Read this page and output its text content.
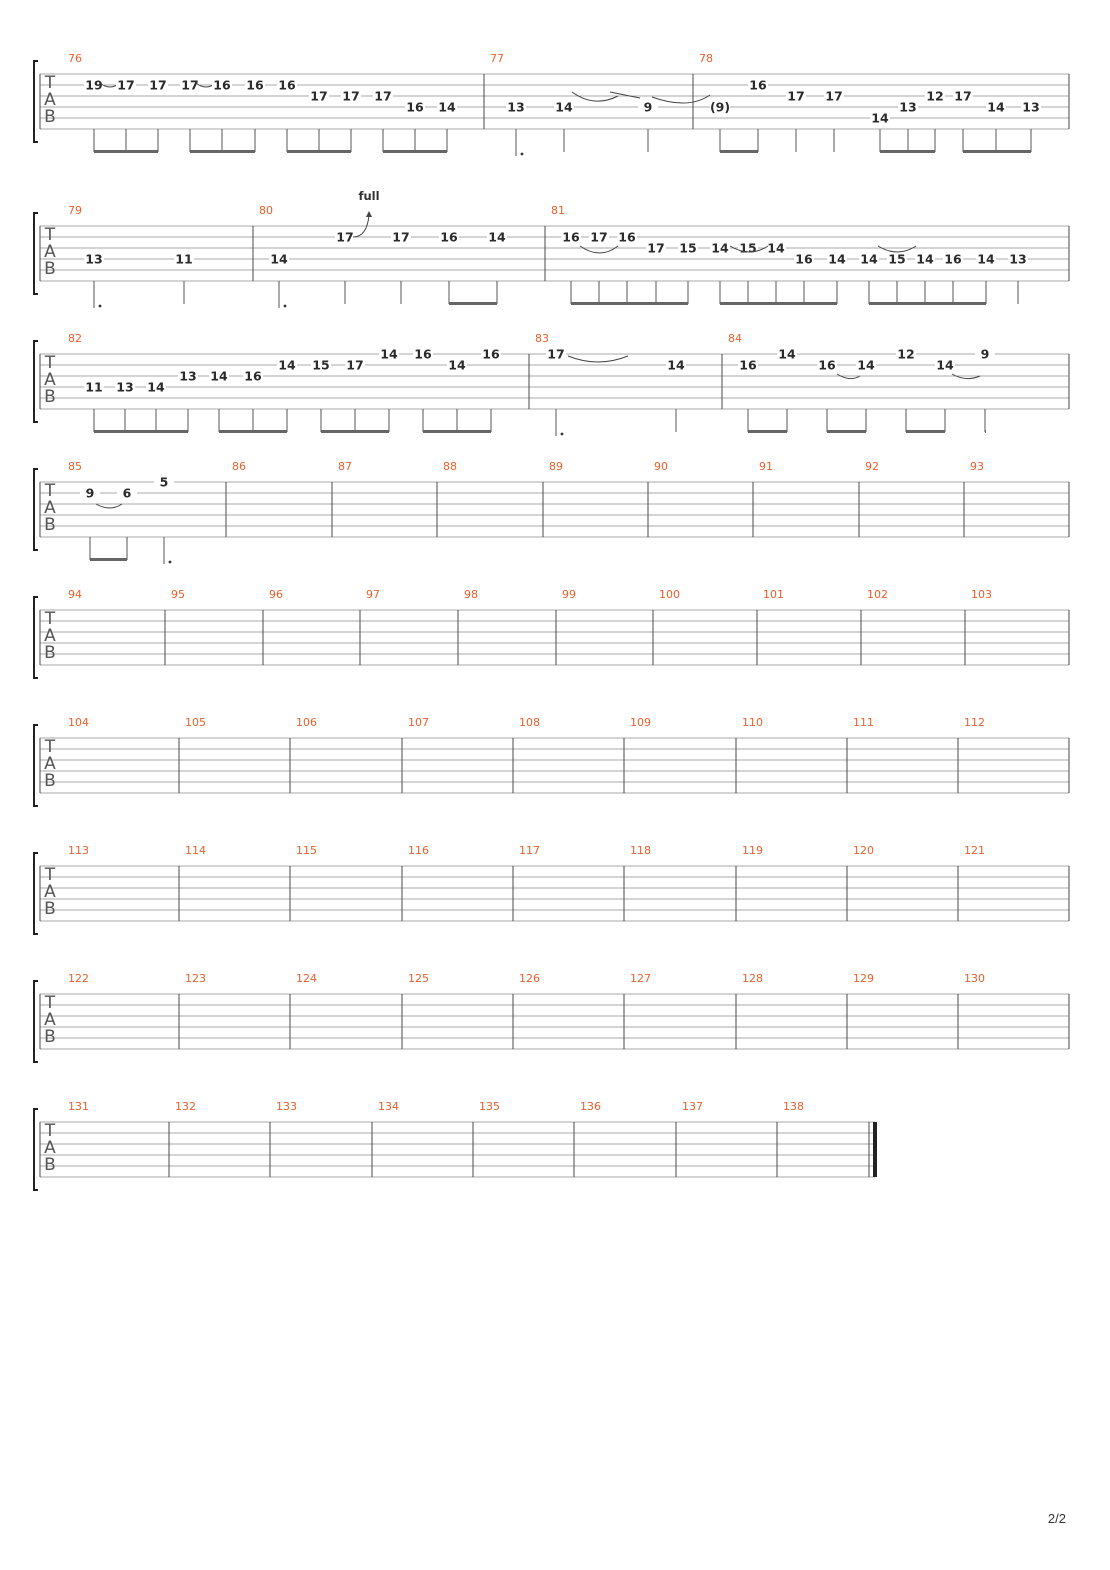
T
A
B
76	77	78
19 17 17 17 16 16 16
17 17 17
16 14	13 14	9	(9)
16
17 17
14
13
12 17
14 13
T
A
B
79	80	81
13	11	14
17
full
17 16 14	16 17 16
17 15 14 15 14
16 14 14 15 14 16 14 13
T
A
B
82	83	84
11 13 14
13 14 16
14 15 17
14 16
14
16	17
14	16
14
16 14
12
14
9
T
A
B
85	86	87	88	89	90	91	92	93
9 6
5
T
A
B
94	95	96	97	98	99	100	101	102	103
T
A
B
104	105	106	107	108	109	110	111	112
T
A
B
113	114	115	116	117	118	119	120	121
T
A
B
122	123	124	125	126	127	128	129	130
T
A
B
131	132	133	134	135	136	137	138
2/2
